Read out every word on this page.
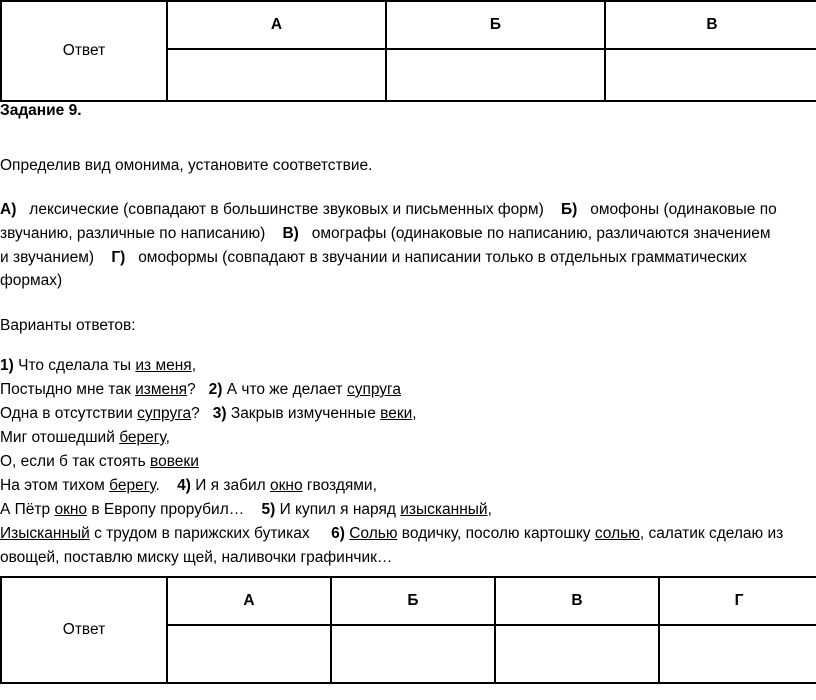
Ответ	А	Б	В

Задание 9.
Определив вид омонима, установите соответствие.
А) лексические (совпадают в большинстве звуковых и письменных форм) Б) омофоны (одинаковые по
звучанию, различные по написанию) В) омографы (одинаковые по написанию, различаются значением
и звучанием) Г) омоформы (совпадают в звучании и написании только в отдельных грамматических
формах)
Варианты ответов:
1) Что сделала ты из меня,
Постыдно мне так изменя? 2) А что же делает супруга
Одна в отсутствии супруга? 3) Закрыв измученные веки,
Миг отошедший берегу,
О, если б так стоять вовеки
На этом тихом берегу. 4) И я забил окно гвоздями,
А Пётр окно в Европу прорубил… 5) И купил я наряд изысканный,
Изысканный с трудом в парижских бутиках 6) Солью водичку, посолю картошку солью, салатик сделаю из
овощей, поставлю миску щей, наливочки графинчик…
Ответ	А	Б	В	Г
